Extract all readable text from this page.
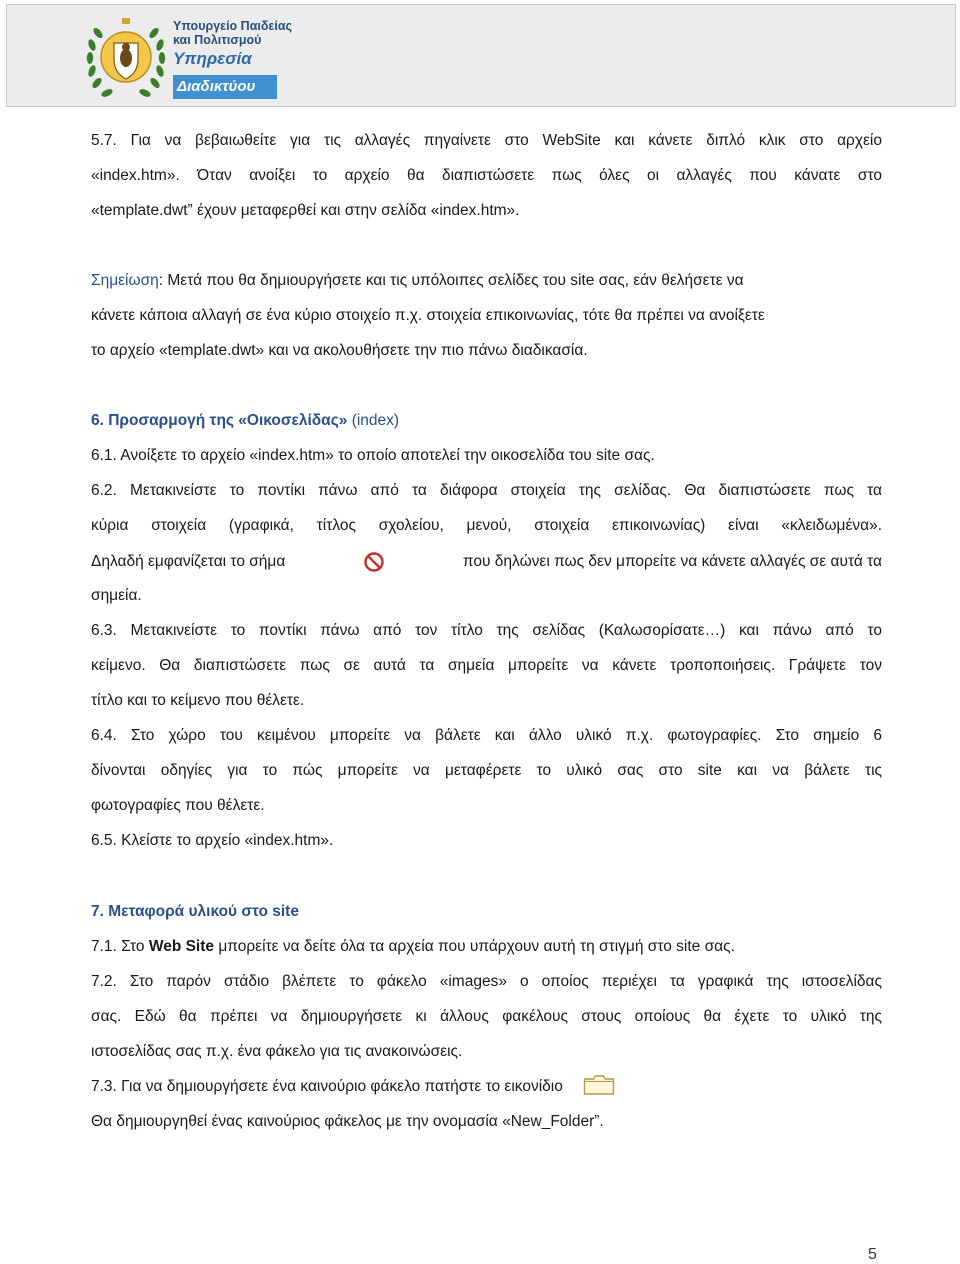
Υπουργείο Παιδείας
και Πολιτισμού
Υπηρεσία
Διαδικτύου

5.7. Για να βεβαιωθείτε για τις αλλαγές πηγαίνετε στο WebSite και κάνετε διπλό κλικ στο αρχείο

«index.htm». Όταν ανοίξει το αρχείο θα διαπιστώσετε πως όλες οι αλλαγές που κάνατε στο

«template.dwt” έχουν μεταφερθεί και στην σελίδα «index.htm».

Σημείωση: Μετά που θα δημιουργήσετε και τις υπόλοιπες σελίδες του site σας, εάν θελήσετε να

κάνετε κάποια αλλαγή σε ένα κύριο στοιχείο π.χ. στοιχεία επικοινωνίας, τότε θα πρέπει να ανοίξετε

το αρχείο «template.dwt» και να ακολουθήσετε την πιο πάνω διαδικασία.

6. Προσαρμογή της «Οικοσελίδας» (index)

6.1. Ανοίξετε το αρχείο «index.htm» το οποίο αποτελεί την οικοσελίδα του site σας.

6.2. Μετακινείστε το ποντίκι πάνω από τα διάφορα στοιχεία της σελίδας. Θα διαπιστώσετε πως τα

κύρια στοιχεία (γραφικά, τίτλος σχολείου, μενού, στοιχεία επικοινωνίας) είναι «κλειδωμένα».

Δηλαδή εμφανίζεται το σήμα	που δηλώνει πως δεν μπορείτε να κάνετε αλλαγές σε αυτά τα

σημεία.

6.3. Μετακινείστε το ποντίκι πάνω από τον τίτλο της σελίδας (Καλωσορίσατε…) και πάνω από το

κείμενο. Θα διαπιστώσετε πως σε αυτά τα σημεία μπορείτε να κάνετε τροποποιήσεις. Γράψετε τον

τίτλο και το κείμενο που θέλετε.

6.4. Στο χώρο του κειμένου μπορείτε να βάλετε και άλλο υλικό π.χ. φωτογραφίες. Στο σημείο 6

δίνονται οδηγίες για το πώς μπορείτε να μεταφέρετε το υλικό σας στο site και να βάλετε τις

φωτογραφίες που θέλετε.

6.5. Κλείστε το αρχείο «index.htm».

7. Μεταφορά υλικού στο site

7.1. Στο Web Site μπορείτε να δείτε όλα τα αρχεία που υπάρχουν αυτή τη στιγμή στο site σας.

7.2. Στο παρόν στάδιο βλέπετε το φάκελο «images» ο οποίος περιέχει τα γραφικά της ιστοσελίδας

σας. Εδώ θα πρέπει να δημιουργήσετε κι άλλους φακέλους στους οποίους θα έχετε το υλικό της

ιστοσελίδας σας π.χ. ένα φάκελο για τις ανακοινώσεις.

7.3. Για να δημιουργήσετε ένα καινούριο φάκελο πατήστε το εικονίδιο

Θα δημιουργηθεί ένας καινούριος φάκελος με την ονομασία «New_Folder”.

5
